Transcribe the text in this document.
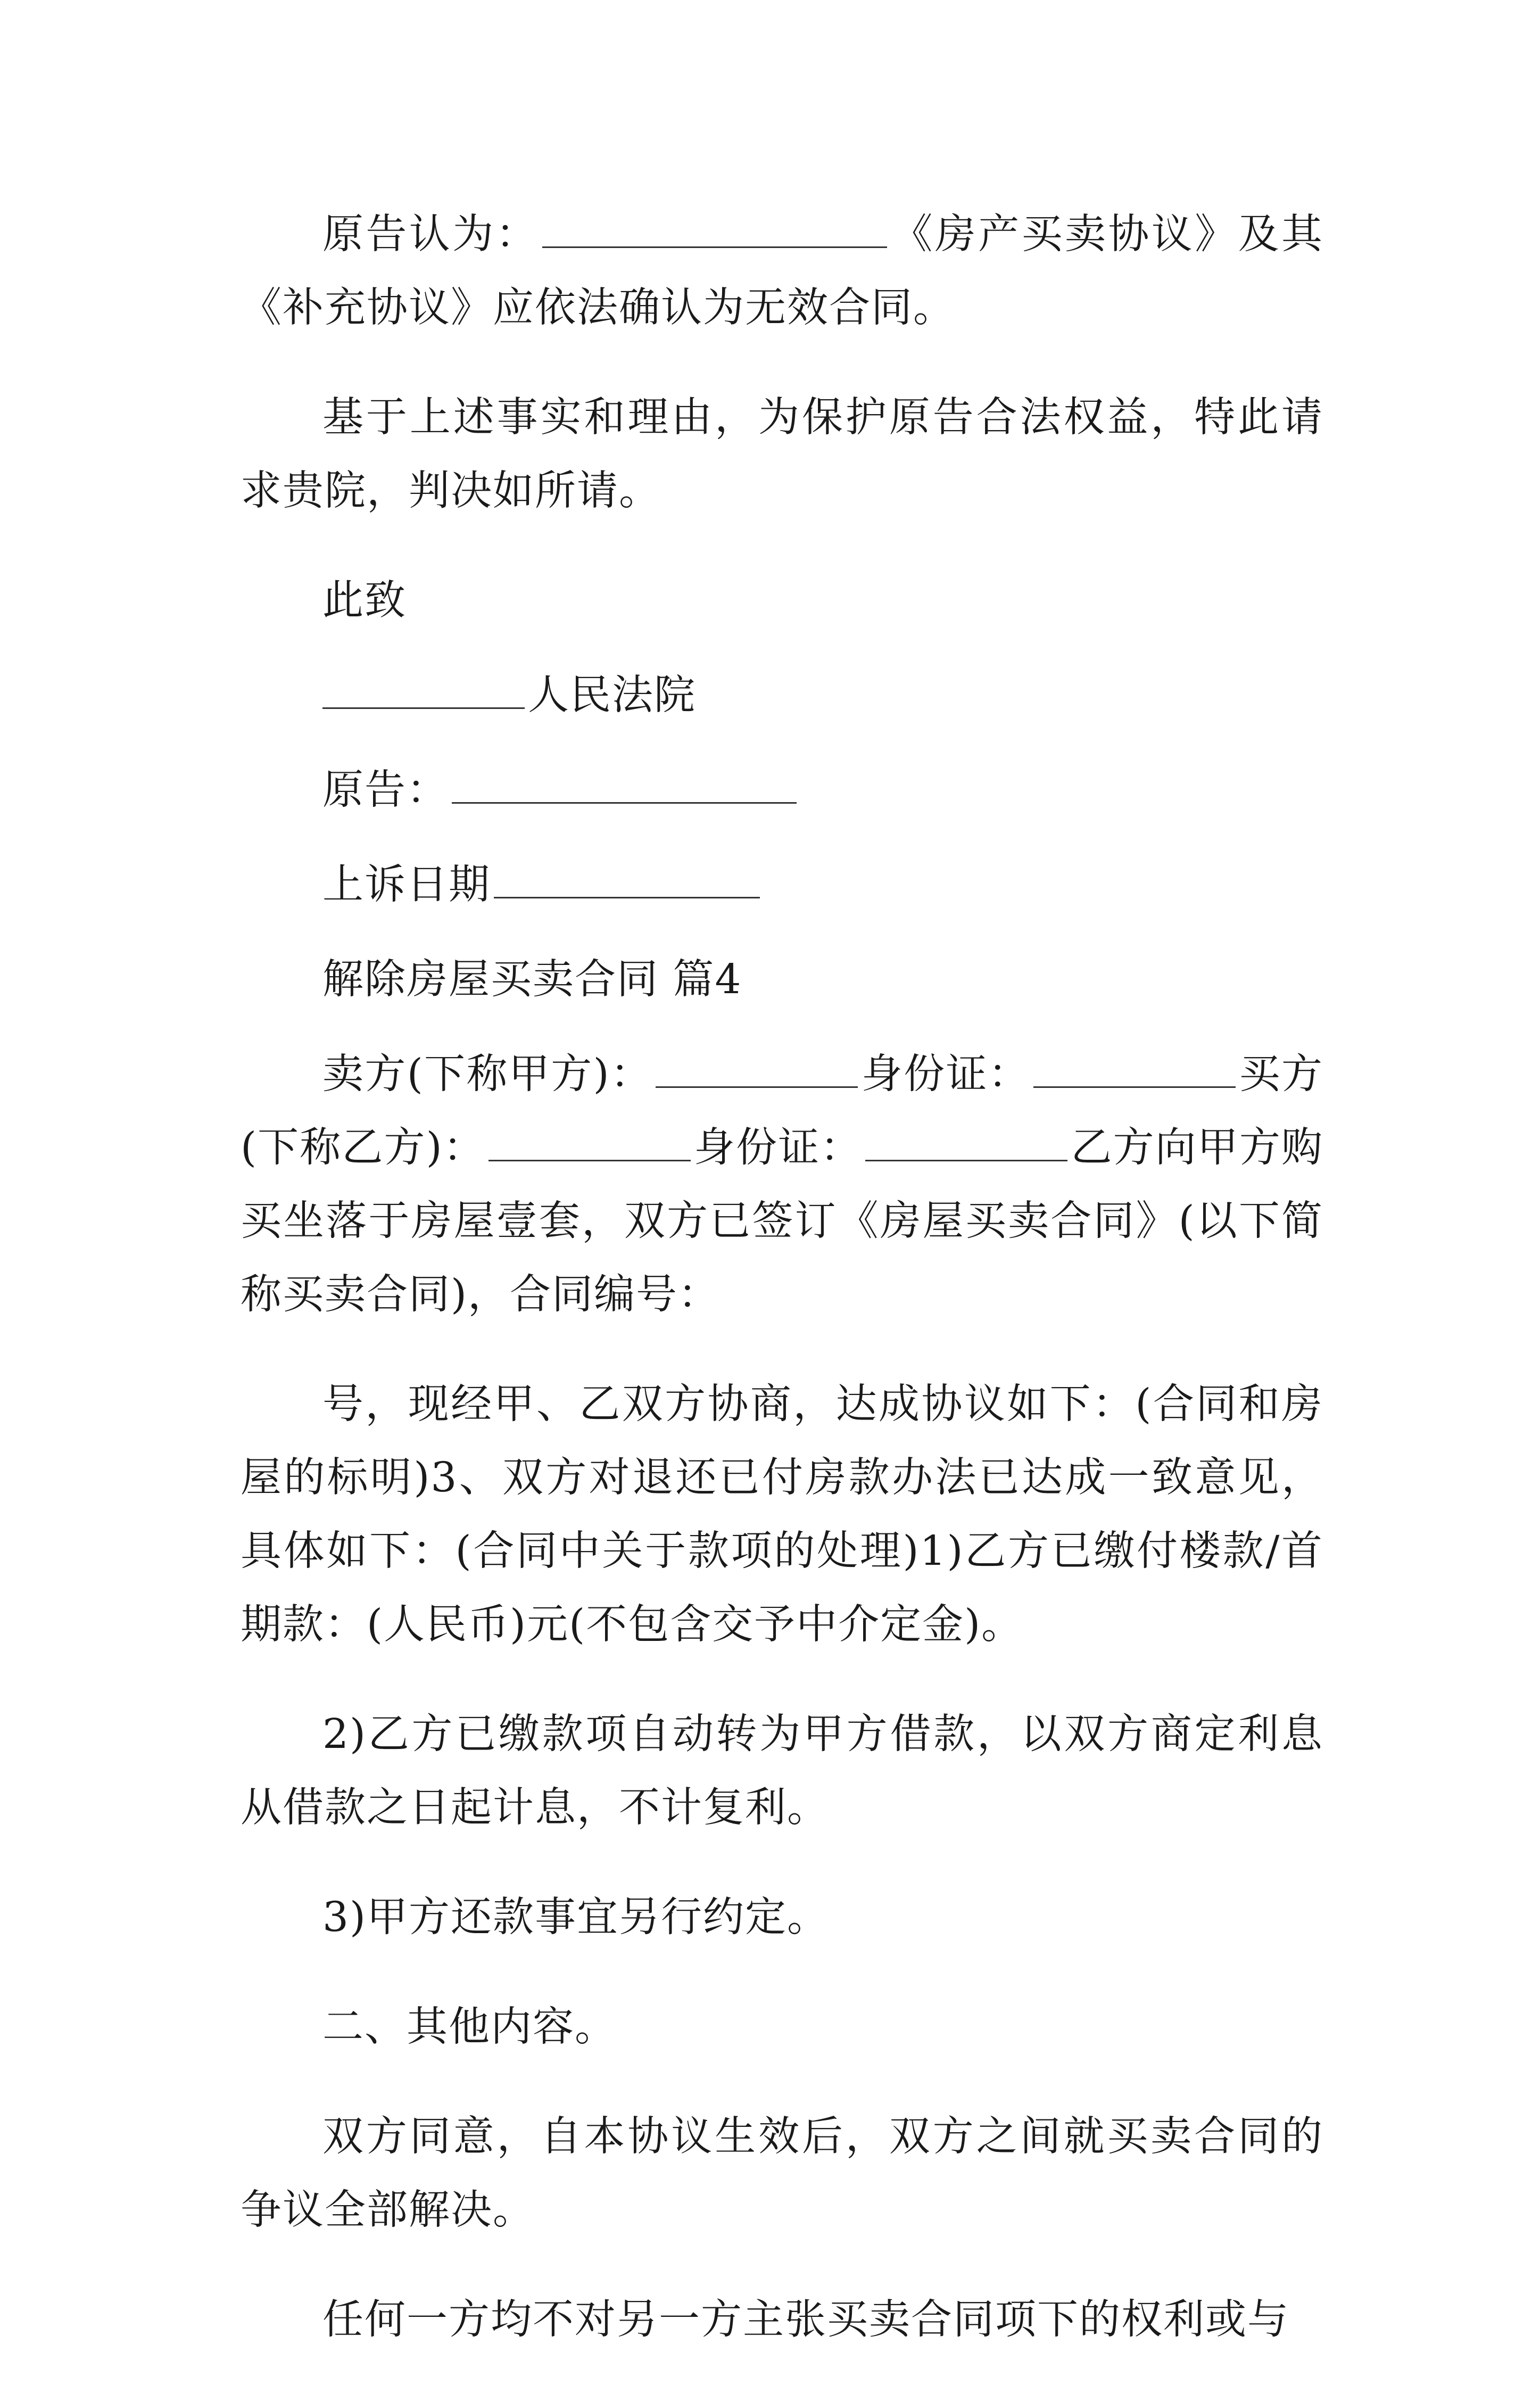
原告认为：	《房产买卖协议》及其《补充协议》应依法确认为无效合同。

基于上述事实和理由，为保护原告合法权益，特此请求贵院，判决如所请。

此致

人民法院

原告：

上诉日期

解除房屋买卖合同 篇4

卖方(下称甲方)：	身份证：	买方(下称乙方)：	身份证：	乙方向甲方购买坐落于房屋壹套，双方已签订《房屋买卖合同》(以下简称买卖合同)，合同编号：

号，现经甲、乙双方协商，达成协议如下：(合同和房屋的标明)3、双方对退还已付房款办法已达成一致意见，具体如下：(合同中关于款项的处理)1)乙方已缴付楼款/首期款：(人民币)元(不包含交予中介定金)。

2)乙方已缴款项自动转为甲方借款，以双方商定利息从借款之日起计息，不计复利。

3)甲方还款事宜另行约定。

二、其他内容。

双方同意，自本协议生效后，双方之间就买卖合同的争议全部解决。

任何一方均不对另一方主张买卖合同项下的权利或与
